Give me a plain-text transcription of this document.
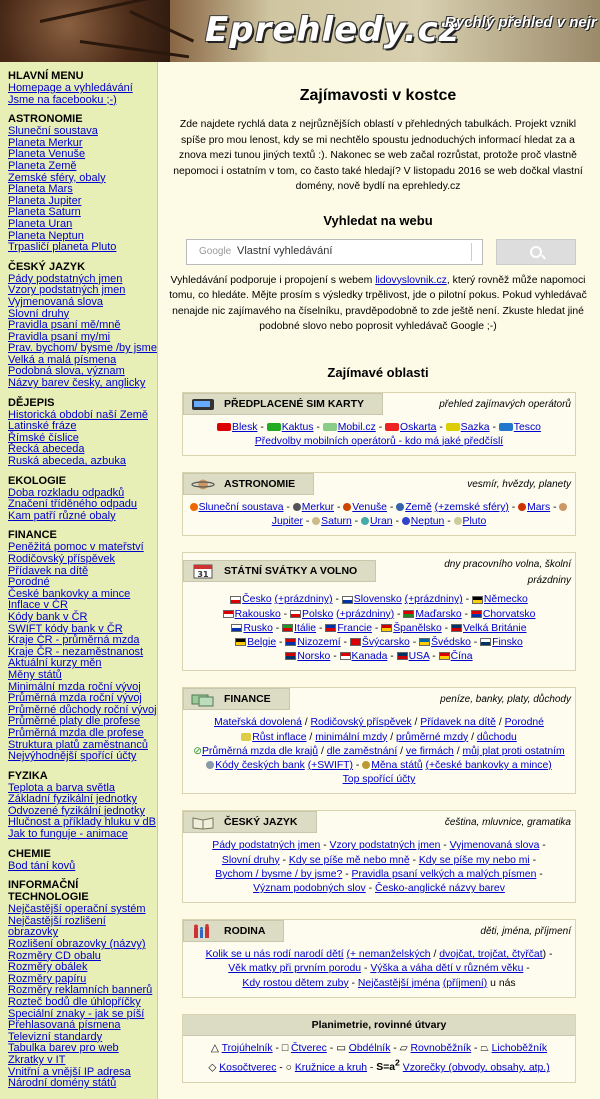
Eprehledy.cz
Rychlý přehled v nejr
HLAVNÍ MENU
Homepage a vyhledávání
Jsme na facebooku ;-)
ASTRONOMIE
Sluneční soustava
Planeta Merkur
Planeta Venuše
Planeta Země
Zemské sféry, obaly
Planeta Mars
Planeta Jupiter
Planeta Saturn
Planeta Uran
Planeta Neptun
Trpasličí planeta Pluto
ČESKÝ JAZYK
Pády podstatných jmen
Vzory podstatných jmen
Vyjmenovaná slova
Slovní druhy
Pravidla psaní mě/mně
Pravidla psaní my/mi
Prav. bychom/ bysme /by jsme
Velká a malá písmena
Podobná slova, význam
Názvy barev česky, anglicky
DĚJEPIS
Historická období naší Země
Latinské fráze
Římské číslice
Řecká abeceda
Ruská abeceda, azbuka
EKOLOGIE
Doba rozkladu odpadků
Značení tříděného odpadu
Kam patří různé obaly
FINANCE
Peněžitá pomoc v mateřství
Rodičovský příspěvek
Přídavek na dítě
Porodné
České bankovky a mince
Inflace v ČR
Kódy bank v ČR
SWIFT kódy bank v ČR
Kraje ČR - průměrná mzda
Kraje ČR - nezaměstnanost
Aktuální kurzy měn
Měny států
Minimální mzda roční vývoj
Průměrná mzda roční vývoj
Průměrné důchody roční vývoj
Průměrné platy dle profese
Průměrná mzda dle profese
Struktura platů zaměstnanců
Nejvýhodnější spořící účty
FYZIKA
Teplota a barva světla
Základní fyzikální jednotky
Odvozené fyzikální jednotky
Hlučnost a příklady hluku v dB
Jak to funguje - animace
CHEMIE
Bod tání kovů
INFORMAČNÍ TECHNOLOGIE
Nejčastější operační systém
Nejčastější rozlišení obrazovky
Rozlišení obrazovky (názvy)
Rozměry CD obalu
Rozměry obálek
Rozměry papíru
Rozměry reklamních bannerů
Rozteč bodů dle úhlopříčky
Speciální znaky - jak se píší
Přehlasovaná písmena
Televizní standardy
Tabulka barev pro web
Zkratky v IT
Vnitřní a vnější IP adresa
Národní domény států
Zajímavosti v kostce
Zde najdete rychlá data z nejrůznějších oblastí v přehledných tabulkách. Projekt vznikl spíše pro mou lenost, kdy se mi nechtělo spoustu jednoduchých informací hledat za a znova mezi tunou jiných textů :). Nakonec se web začal rozrůstat, protože proč vlastně nepomoci i ostatním v tom, co často také hledají? V listopadu 2016 se web dočkal vlastní domény, nově bydlí na eprehledy.cz
Vyhledat na webu
Google Vlastní vyhledávání
Vyhledávání podporuje i propojení s webem lidovyslovnik.cz, který rovněž může napomoci tomu, co hledáte. Mějte prosím s výsledky trpělivost, jde o pilotní pokus. Pokud vyhledávač nenajde nic zajímavého na číselníku, pravděpodobně to zde ještě není. Zkuste hledat jiné podobné slovo nebo poprosit vyhledávač Google ;-)
Zajímavé oblasti
PŘEDPLACENÉ SIM KARTY	přehled zajímavých operátorů
Blesk - Kaktus - Mobil.cz - Oskarta - Sazka - Tesco
Předvolby mobilních operátorů - kdo má jaké předčíslí
ASTRONOMIE	vesmír, hvězdy, planety
Sluneční soustava - Merkur - Venuše - Země (+zemské sféry) - Mars - Jupiter - Saturn - Uran - Neptun - Pluto
31 STÁTNÍ SVÁTKY A VOLNO
dny pracovního volna, školní prázdniny
Česko (+prázdniny) - Slovensko (+prázdniny) - Německo
Rakousko - Polsko (+prázdniny) - Maďarsko - Chorvatsko
Rusko - Itálie - Francie - Španělsko - Velká Británie
Belgie - Nizozemí - Švýcarsko - Švédsko - Finsko
Norsko - Kanada - USA - Čína
FINANCE	peníze, banky, platy, důchody
Mateřská dovolená / Rodičovský příspěvek / Přídavek na dítě / Porodné
Růst inflace / minimální mzdy / průměrné mzdy / důchodu
⊘Průměrná mzda dle krajů / dle zaměstnání / ve firmách / můj plat proti ostatním
Kódy českých bank (+SWIFT) - Měna států (+české bankovky a mince)
Top spořící účty
ČESKÝ JAZYK	čeština, mluvnice, gramatika
Pády podstatných jmen - Vzory podstatných jmen - Vyjmenovaná slova -
Slovní druhy - Kdy se píše mě nebo mně - Kdy se píše my nebo mi -
Bychom / bysme / by jsme? - Pravidla psaní velkých a malých písmen -
Význam podobných slov - Česko-anglické názvy barev
RODINA	děti, jména, příjmení
Kolik se u nás rodí narodí dětí (+ nemanželských / dvojčat, trojčat, čtyřčat) -
Věk matky při prvním porodu - Výška a váha dětí v různém věku -
Kdy rostou dětem zuby - Nejčastější jména (příjmení) u nás
Planimetrie, rovinné útvary
△ Trojúhelník - □ Čtverec - ▭ Obdélník - ▱ Rovnoběžník - ⏢ Lichoběžník
◇ Kosočtverec - ○ Kružnice a kruh - $S=a^2$ Vzorečky (obvody, obsahy, atp.)
